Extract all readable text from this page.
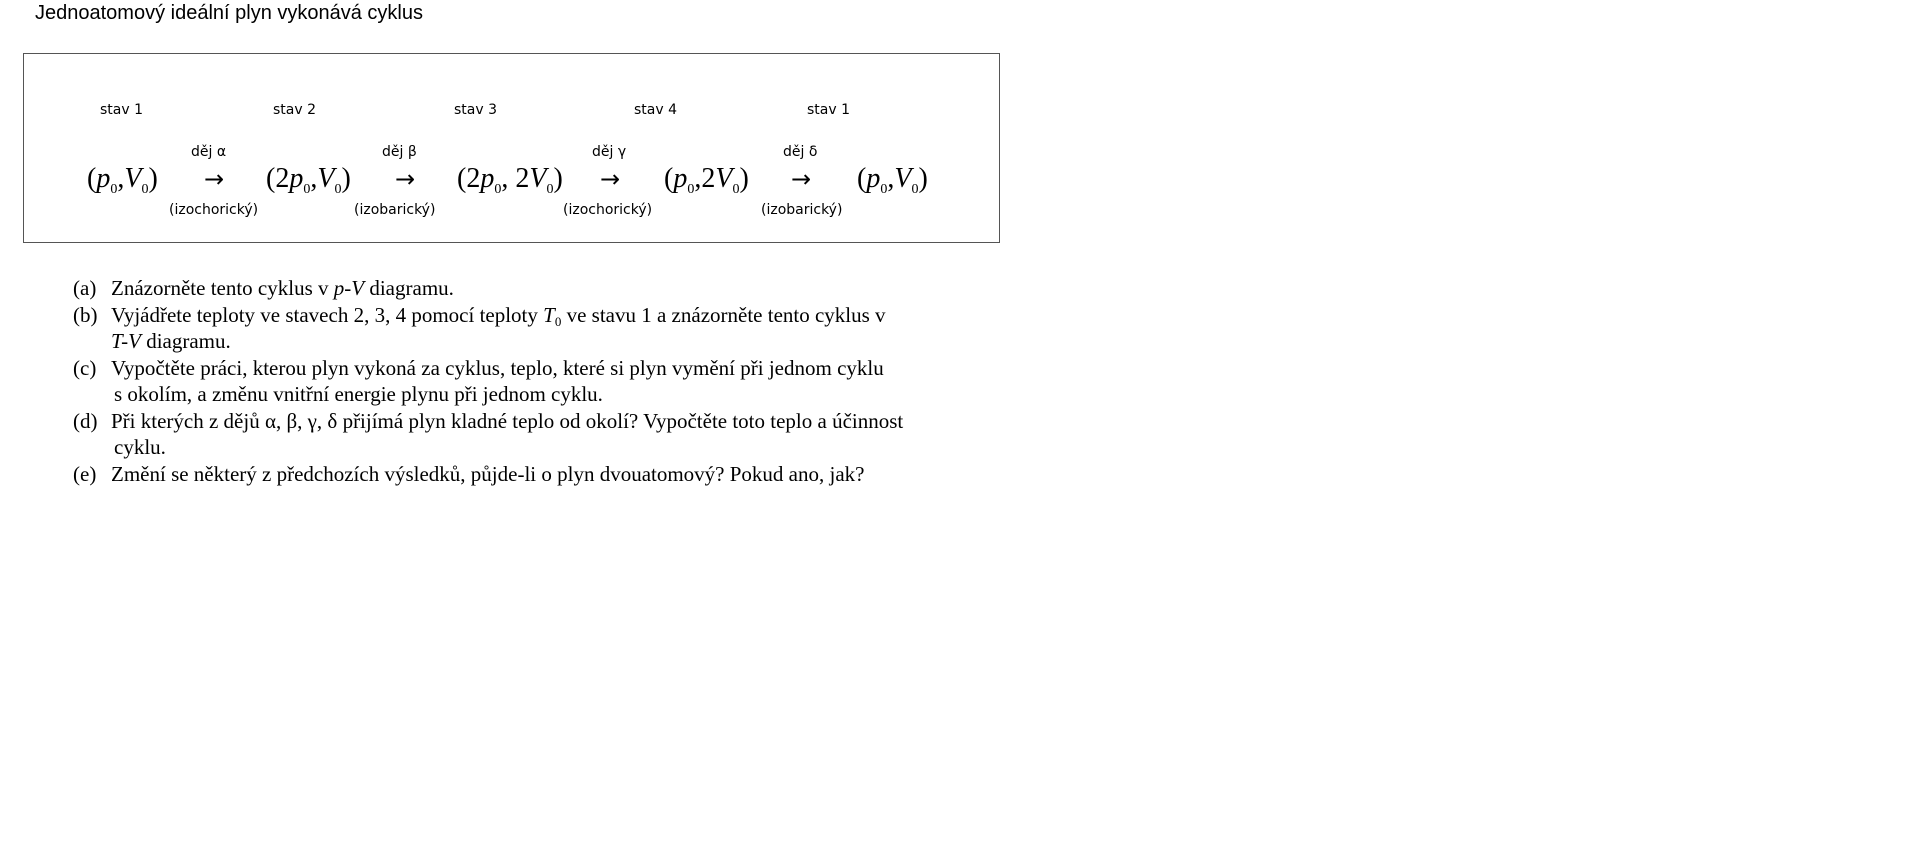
Jednoatomový ideální plyn vykonává cyklus
stav 1	stav 2	stav 3	stav 4	stav 1
děj α	děj β	děj γ	děj δ
$(p_0,V_0)$	$(2p_0,V_0)$	($2p_0$, $2V_0$)	$(p_0,2V_0)$	$(p_0,V_0)$
→	→	→	→
(izochorický)	(izobarický)	(izochorický)	(izobarický)
(a) Znázorněte tento cyklus v p-V diagramu.
(b) Vyjádřete teploty ve stavech 2, 3, 4 pomocí teploty $T_0$ ve stavu 1 a znázorněte tento cyklus v
T-V diagramu.
(c) Vypočtěte práci, kterou plyn vykoná za cyklus, teplo, které si plyn vymění při jednom cyklu
s okolím, a změnu vnitřní energie plynu při jednom cyklu.
(d) Při kterých z dějů α, β, γ, δ přijímá plyn kladné teplo od okolí? Vypočtěte toto teplo a účinnost
cyklu.
(e) Změní se některý z předchozích výsledků, půjde-li o plyn dvouatomový? Pokud ano, jak?
